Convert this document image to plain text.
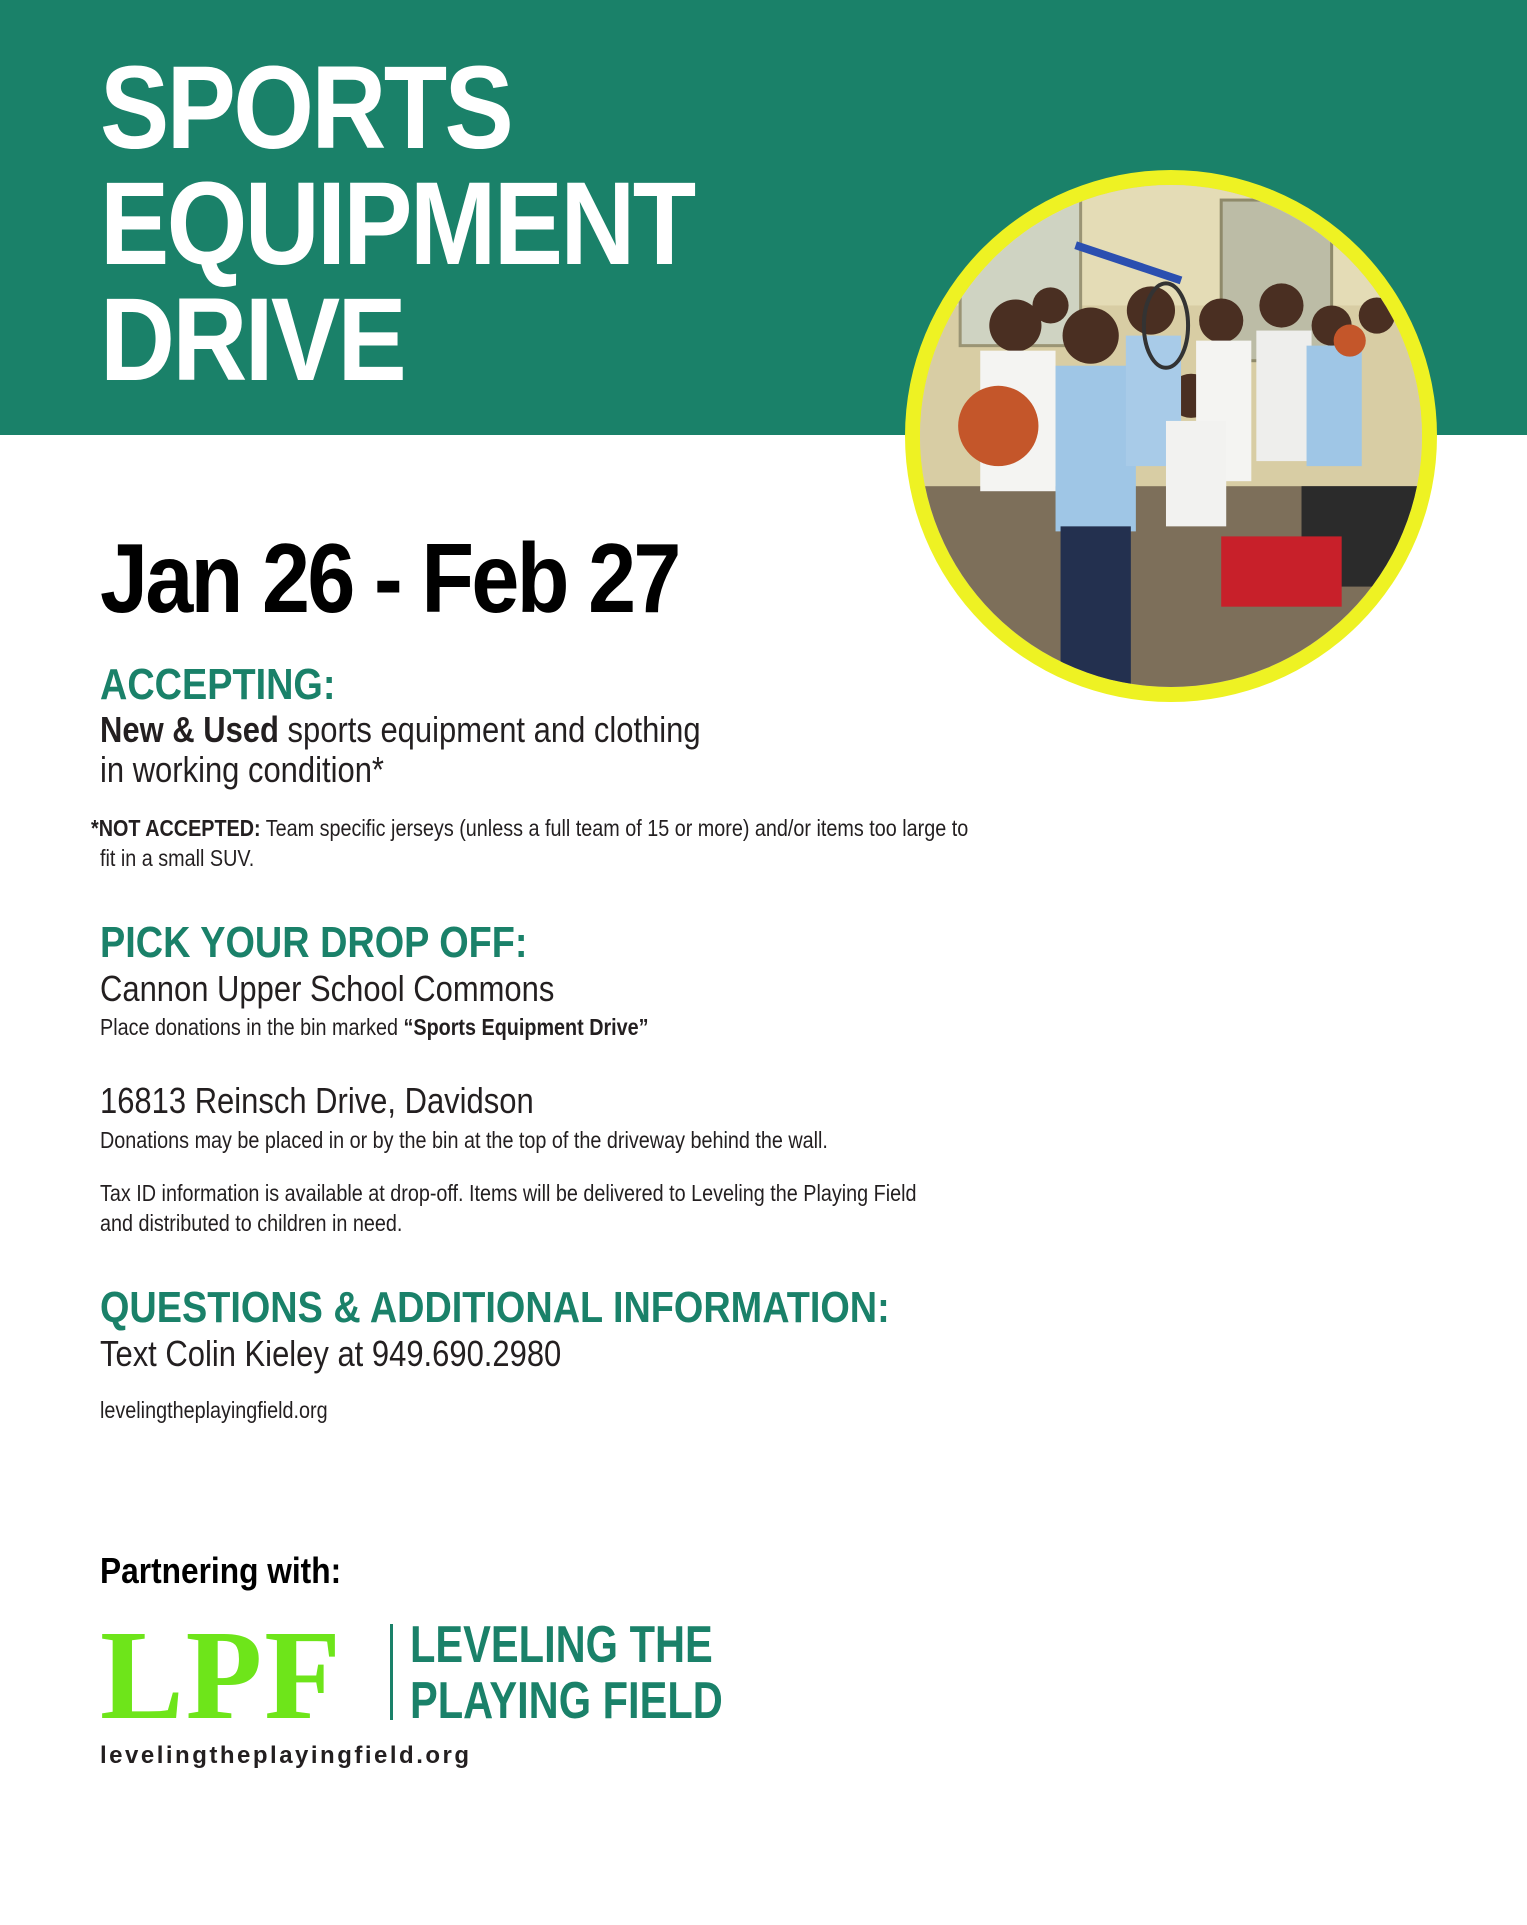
SPORTS
EQUIPMENT
DRIVE
Jan 26 - Feb 27
ACCEPTING:
New & Used sports equipment and clothing
in working condition*
*NOT ACCEPTED: Team specific jerseys (unless a full team of 15 or more) and/or items too large to
fit in a small SUV.
PICK YOUR DROP OFF:
Cannon Upper School Commons
Place donations in the bin marked “Sports Equipment Drive”
16813 Reinsch Drive, Davidson
Donations may be placed in or by the bin at the top of the driveway behind the wall.
Tax ID information is available at drop-off. Items will be delivered to Leveling the Playing Field
and distributed to children in need.
QUESTIONS & ADDITIONAL INFORMATION:
Text Colin Kieley at 949.690.2980
levelingtheplayingfield.org
Partnering with:
LPF LEVELING THE
PLAYING FIELD
levelingtheplayingfield.org
